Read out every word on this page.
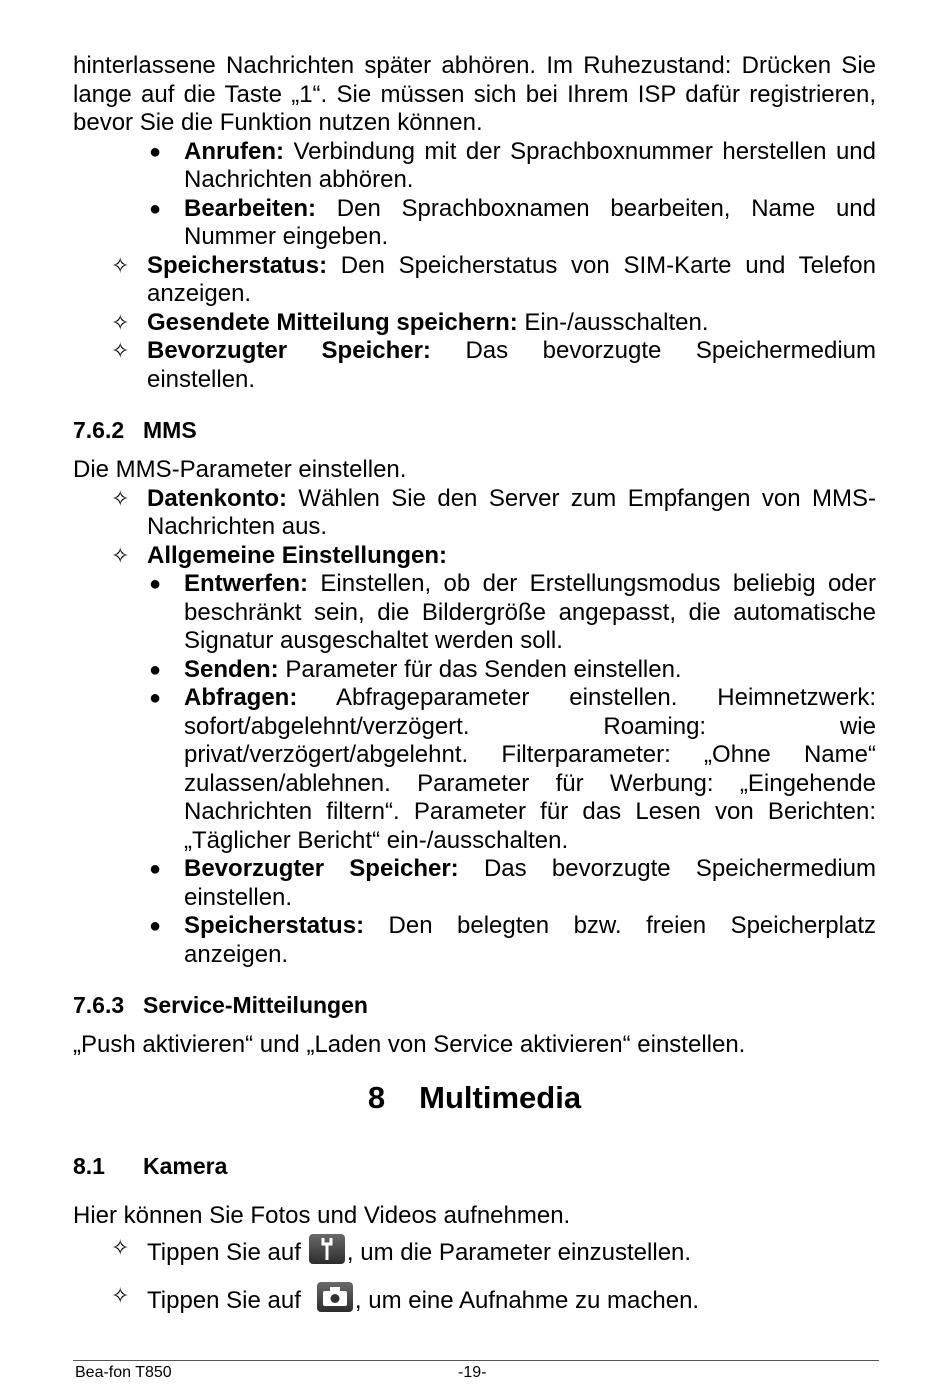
hinterlassene Nachrichten später abhören. Im Ruhezustand: Drücken Sie lange auf die Taste „1“. Sie müssen sich bei Ihrem ISP dafür registrieren, bevor Sie die Funktion nutzen können.

● Anrufen: Verbindung mit der Sprachboxnummer herstellen und Nachrichten abhören.

● Bearbeiten: Den Sprachboxnamen bearbeiten, Name und Nummer eingeben.

✧ Speicherstatus: Den Speicherstatus von SIM-Karte und Telefon anzeigen.

✧ Gesendete Mitteilung speichern: Ein-/ausschalten.

✧ Bevorzugter Speicher: Das bevorzugte Speichermedium einstellen.

7.6.2 MMS

Die MMS-Parameter einstellen.

✧ Datenkonto: Wählen Sie den Server zum Empfangen von MMS-Nachrichten aus.

✧ Allgemeine Einstellungen:

● Entwerfen: Einstellen, ob der Erstellungsmodus beliebig oder beschränkt sein, die Bildergröße angepasst, die automatische Signatur ausgeschaltet werden soll.

● Senden: Parameter für das Senden einstellen.

● Abfragen: Abfrageparameter einstellen. Heimnetzwerk: sofort/abgelehnt/verzögert. Roaming: wie privat/verzögert/abgelehnt. Filterparameter: „Ohne Name“ zulassen/ablehnen. Parameter für Werbung: „Eingehende Nachrichten filtern“. Parameter für das Lesen von Berichten: „Täglicher Bericht“ ein-/ausschalten.

● Bevorzugter Speicher: Das bevorzugte Speichermedium einstellen.

● Speicherstatus: Den belegten bzw. freien Speicherplatz anzeigen.

7.6.3 Service-Mitteilungen

„Push aktivieren“ und „Laden von Service aktivieren“ einstellen.

8 Multimedia
8.1 Kamera

Hier können Sie Fotos und Videos aufnehmen.

✧ Tippen Sie auf , um die Parameter einzustellen.

✧ Tippen Sie auf , um eine Aufnahme zu machen.

Bea-fon T850	-19-
